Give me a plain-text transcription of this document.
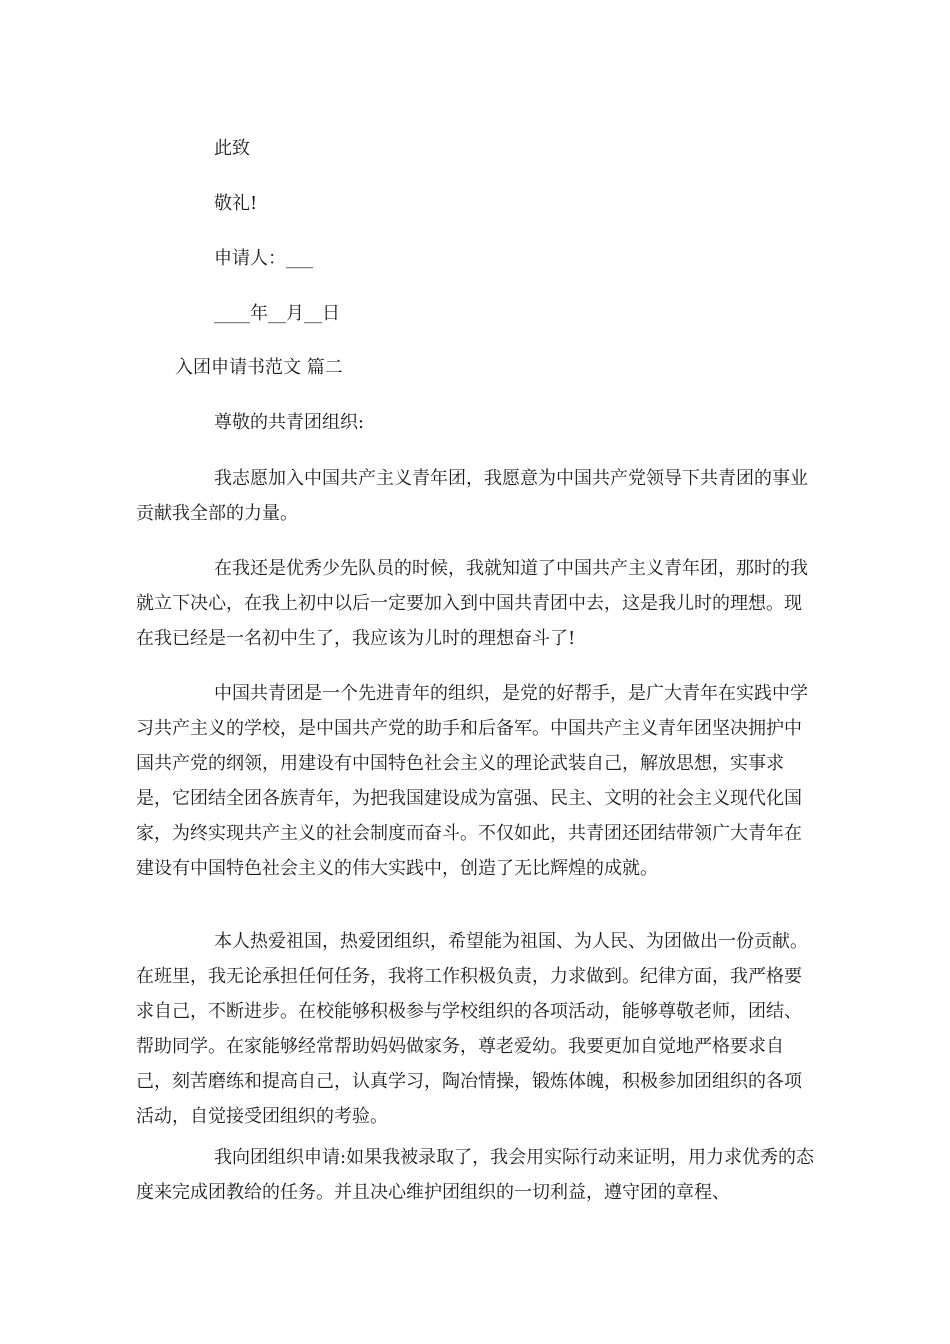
此致

敬礼!

申请人：___

____年__月__日

入团申请书范文 篇二

尊敬的共青团组织:

我志愿加入中国共产主义青年团，我愿意为中国共产党领导下共青团的事业贡献我全部的力量。

在我还是优秀少先队员的时候，我就知道了中国共产主义青年团，那时的我就立下决心，在我上初中以后一定要加入到中国共青团中去，这是我儿时的理想。现在我已经是一名初中生了，我应该为儿时的理想奋斗了!

中国共青团是一个先进青年的组织，是党的好帮手，是广大青年在实践中学习共产主义的学校，是中国共产党的助手和后备军。中国共产主义青年团坚决拥护中国共产党的纲领，用建设有中国特色社会主义的理论武装自己，解放思想，实事求是，它团结全团各族青年，为把我国建设成为富强、民主、文明的社会主义现代化国家，为终实现共产主义的社会制度而奋斗。不仅如此，共青团还团结带领广大青年在建设有中国特色社会主义的伟大实践中，创造了无比辉煌的成就。

本人热爱祖国，热爱团组织，希望能为祖国、为人民、为团做出一份贡献。在班里，我无论承担任何任务，我将工作积极负责，力求做到。纪律方面，我严格要求自己，不断进步。在校能够积极参与学校组织的各项活动，能够尊敬老师，团结、帮助同学。在家能够经常帮助妈妈做家务，尊老爱幼。我要更加自觉地严格要求自己，刻苦磨练和提高自己，认真学习，陶冶情操，锻炼体魄，积极参加团组织的各项活动，自觉接受团组织的考验。

我向团组织申请:如果我被录取了，我会用实际行动来证明，用力求优秀的态度来完成团教给的任务。并且决心维护团组织的一切利益，遵守团的章程、
